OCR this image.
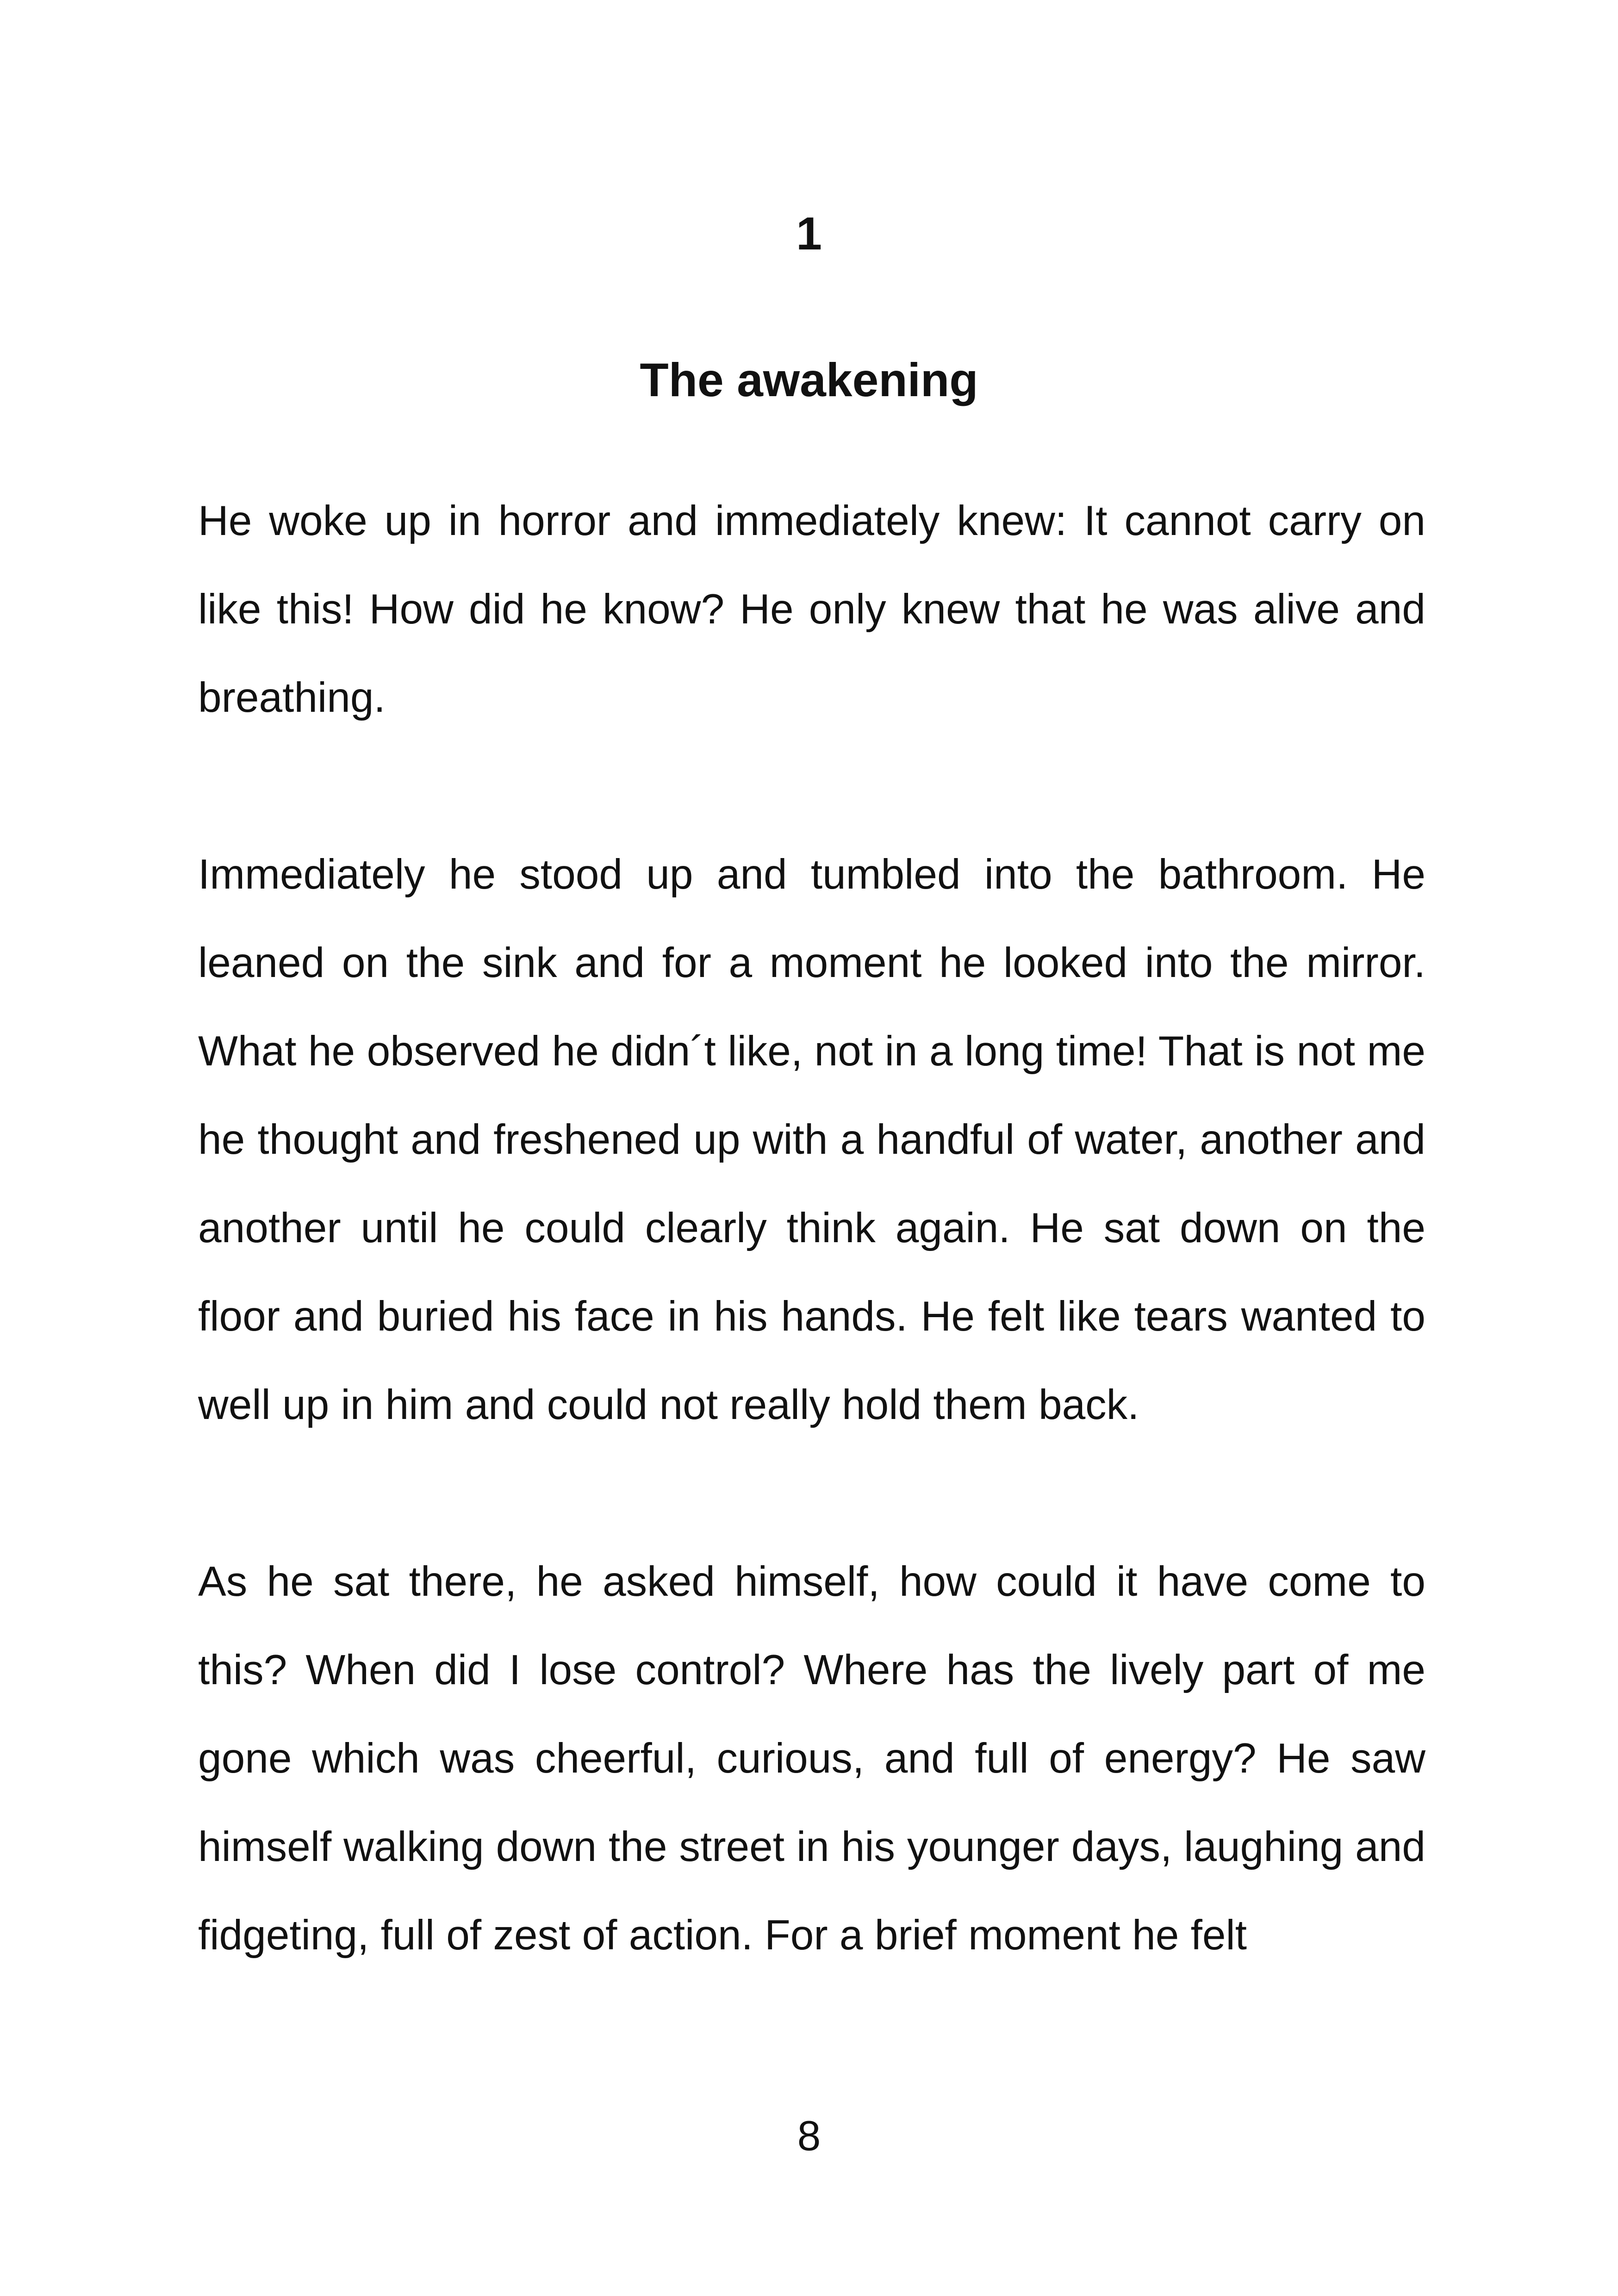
1
The awakening

He woke up in horror and immediately knew: It cannot carry on like this! How did he know? He only knew that he was alive and breathing.

Immediately he stood up and tumbled into the bathroom. He leaned on the sink and for a moment he looked into the mirror. What he observed he didn´t like, not in a long time! That is not me he thought and freshened up with a handful of water, another and another until he could clearly think again. He sat down on the floor and buried his face in his hands. He felt like tears wanted to well up in him and could not really hold them back.

As he sat there, he asked himself, how could it have come to this? When did I lose control? Where has the lively part of me gone which was cheerful, curious, and full of energy? He saw himself walking down the street in his younger days, laughing and fidgeting, full of zest of action. For a brief moment he felt

8
